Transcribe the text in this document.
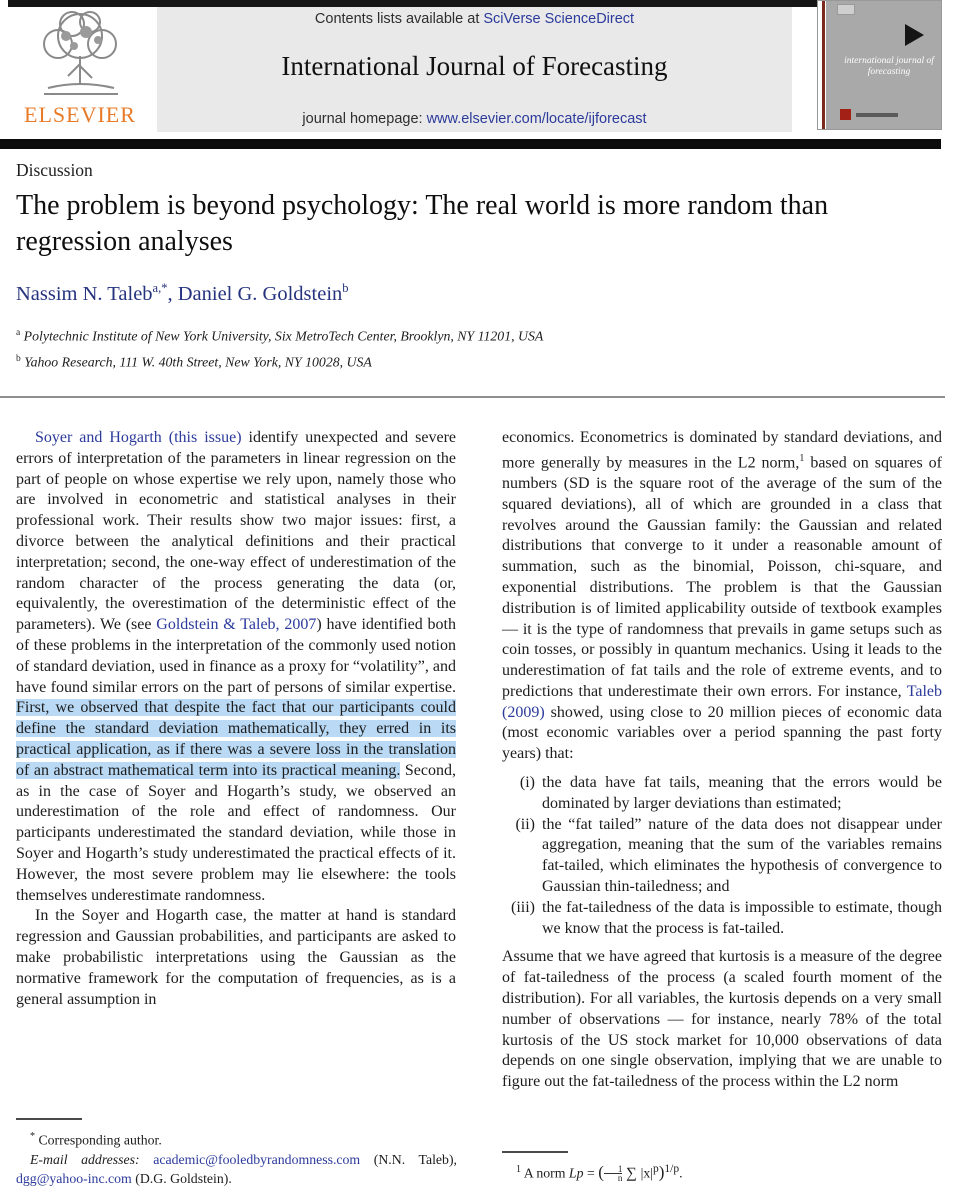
ELSEVIER
Contents lists available at SciVerse ScienceDirect
International Journal of Forecasting
journal homepage: www.elsevier.com/locate/ijforecast
international journal of forecasting
Discussion
The problem is beyond psychology: The real world is more random than regression analyses
Nassim N. Taleb$^{a,*}$, Daniel G. Goldstein$^b$
$^a$ Polytechnic Institute of New York University, Six MetroTech Center, Brooklyn, NY 11201, USA
$^b$ Yahoo Research, 111 W. 40th Street, New York, NY 10028, USA

Soyer and Hogarth (this issue) identify unexpected and severe errors of interpretation of the parameters in linear regression on the part of people on whose expertise we rely upon, namely those who are involved in econometric and statistical analyses in their professional work. Their results show two major issues: first, a divorce between the analytical definitions and their practical interpretation; second, the one-way effect of underestimation of the random character of the process generating the data (or, equivalently, the overestimation of the deterministic effect of the parameters). We (see Goldstein & Taleb, 2007) have identified both of these problems in the interpretation of the commonly used notion of standard deviation, used in finance as a proxy for “volatility”, and have found similar errors on the part of persons of similar expertise. First, we observed that despite the fact that our participants could define the standard deviation mathematically, they erred in its practical application, as if there was a severe loss in the translation of an abstract mathematical term into its practical meaning. Second, as in the case of Soyer and Hogarth’s study, we observed an underestimation of the role and effect of randomness. Our participants underestimated the standard deviation, while those in Soyer and Hogarth’s study underestimated the practical effects of it. However, the most severe problem may lie elsewhere: the tools themselves underestimate randomness.

In the Soyer and Hogarth case, the matter at hand is standard regression and Gaussian probabilities, and participants are asked to make probabilistic interpretations using the Gaussian as the normative framework for the computation of frequencies, as is a general assumption in

economics. Econometrics is dominated by standard deviations, and more generally by measures in the L2 norm,$^1$ based on squares of numbers (SD is the square root of the average of the sum of the squared deviations), all of which are grounded in a class that revolves around the Gaussian family: the Gaussian and related distributions that converge to it under a reasonable amount of summation, such as the binomial, Poisson, chi-square, and exponential distributions. The problem is that the Gaussian distribution is of limited applicability outside of textbook examples — it is the type of randomness that prevails in game setups such as coin tosses, or possibly in quantum mechanics. Using it leads to the underestimation of fat tails and the role of extreme events, and to predictions that underestimate their own errors. For instance, Taleb (2009) showed, using close to 20 million pieces of economic data (most economic variables over a period spanning the past forty years) that:

(i) the data have fat tails, meaning that the errors would be dominated by larger deviations than estimated;
(ii) the “fat tailed” nature of the data does not disappear under aggregation, meaning that the sum of the variables remains fat-tailed, which eliminates the hypothesis of convergence to Gaussian thin-tailedness; and
(iii) the fat-tailedness of the data is impossible to estimate, though we know that the process is fat-tailed.

Assume that we have agreed that kurtosis is a measure of the degree of fat-tailedness of the process (a scaled fourth moment of the distribution). For all variables, the kurtosis depends on a very small number of observations — for instance, nearly 78% of the total kurtosis of the US stock market for 10,000 observations of data depends on one single observation, implying that we are unable to figure out the fat-tailedness of the process within the L2 norm

* Corresponding author.

E-mail addresses: academic@fooledbyrandomness.com (N.N. Taleb), dgg@yahoo-inc.com (D.G. Goldstein).

$^1$ A norm Lp = ( $\frac{1}{n}$ ∑ $|x|^p)^{1/p}$.
